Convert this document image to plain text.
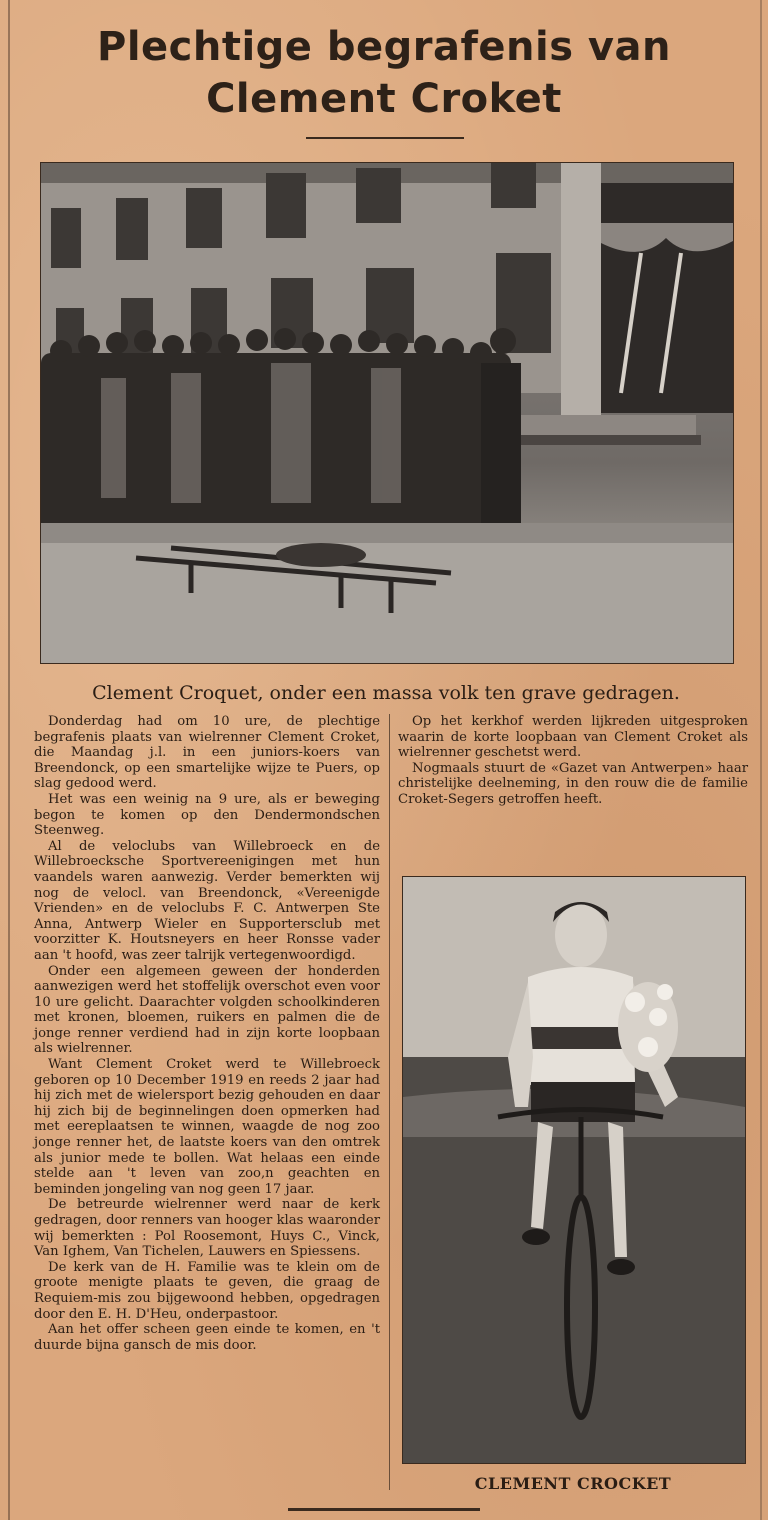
Plechtige begrafenis van
Clement Croket
Clement Croquet, onder een massa volk ten grave gedragen.

Donderdag had om 10 ure, de plechtige begrafenis plaats van wielrenner Clement Croket, die Maandag j.l. in een juniors-koers van Breendonck, op een smartelijke wijze te Puers, op slag gedood werd.

Het was een weinig na 9 ure, als er beweging begon te komen op den Dendermondschen Steenweg.

Al de veloclubs van Willebroeck en de Willebroecksche Sportvereenigingen met hun vaandels waren aanwezig. Verder bemerkten wij nog de velocl. van Breendonck, «Vereenigde Vrienden» en de veloclubs F. C. Antwerpen Ste Anna, Antwerp Wieler en Supportersclub met voorzitter K. Houtsneyers en heer Ronsse vader aan 't hoofd, was zeer talrijk vertegenwoordigd.

Onder een algemeen geween der honderden aanwezigen werd het stoffelijk overschot even voor 10 ure gelicht. Daarachter volgden schoolkinderen met kronen, bloemen, ruikers en palmen die de jonge renner verdiend had in zijn korte loopbaan als wielrenner.

Want Clement Croket werd te Willebroeck geboren op 10 December 1919 en reeds 2 jaar had hij zich met de wielersport bezig gehouden en daar hij zich bij de beginnelingen doen opmerken had met eereplaatsen te winnen, waagde de nog zoo jonge renner het, de laatste koers van den omtrek als junior mede te bollen. Wat helaas een einde stelde aan 't leven van zoo,n geachten en beminden jongeling van nog geen 17 jaar.

De betreurde wielrenner werd naar de kerk gedragen, door renners van hooger klas waaronder wij bemerkten : Pol Roosemont, Huys C., Vinck, Van Ighem, Van Tichelen, Lauwers en Spiessens.

De kerk van de H. Familie was te klein om de groote menigte plaats te geven, die graag de Requiem-mis zou bijgewoond hebben, opgedragen door den E. H. D'Heu, onderpastoor.

Aan het offer scheen geen einde te komen, en 't duurde bijna gansch de mis door.

Op het kerkhof werden lijkreden uitgesproken waarin de korte loopbaan van Clement Croket als wielrenner geschetst werd.

Nogmaals stuurt de «Gazet van Antwerpen» haar christelijke deelneming, in den rouw die de familie Croket-Segers getroffen heeft.

CLEMENT CROCKET
